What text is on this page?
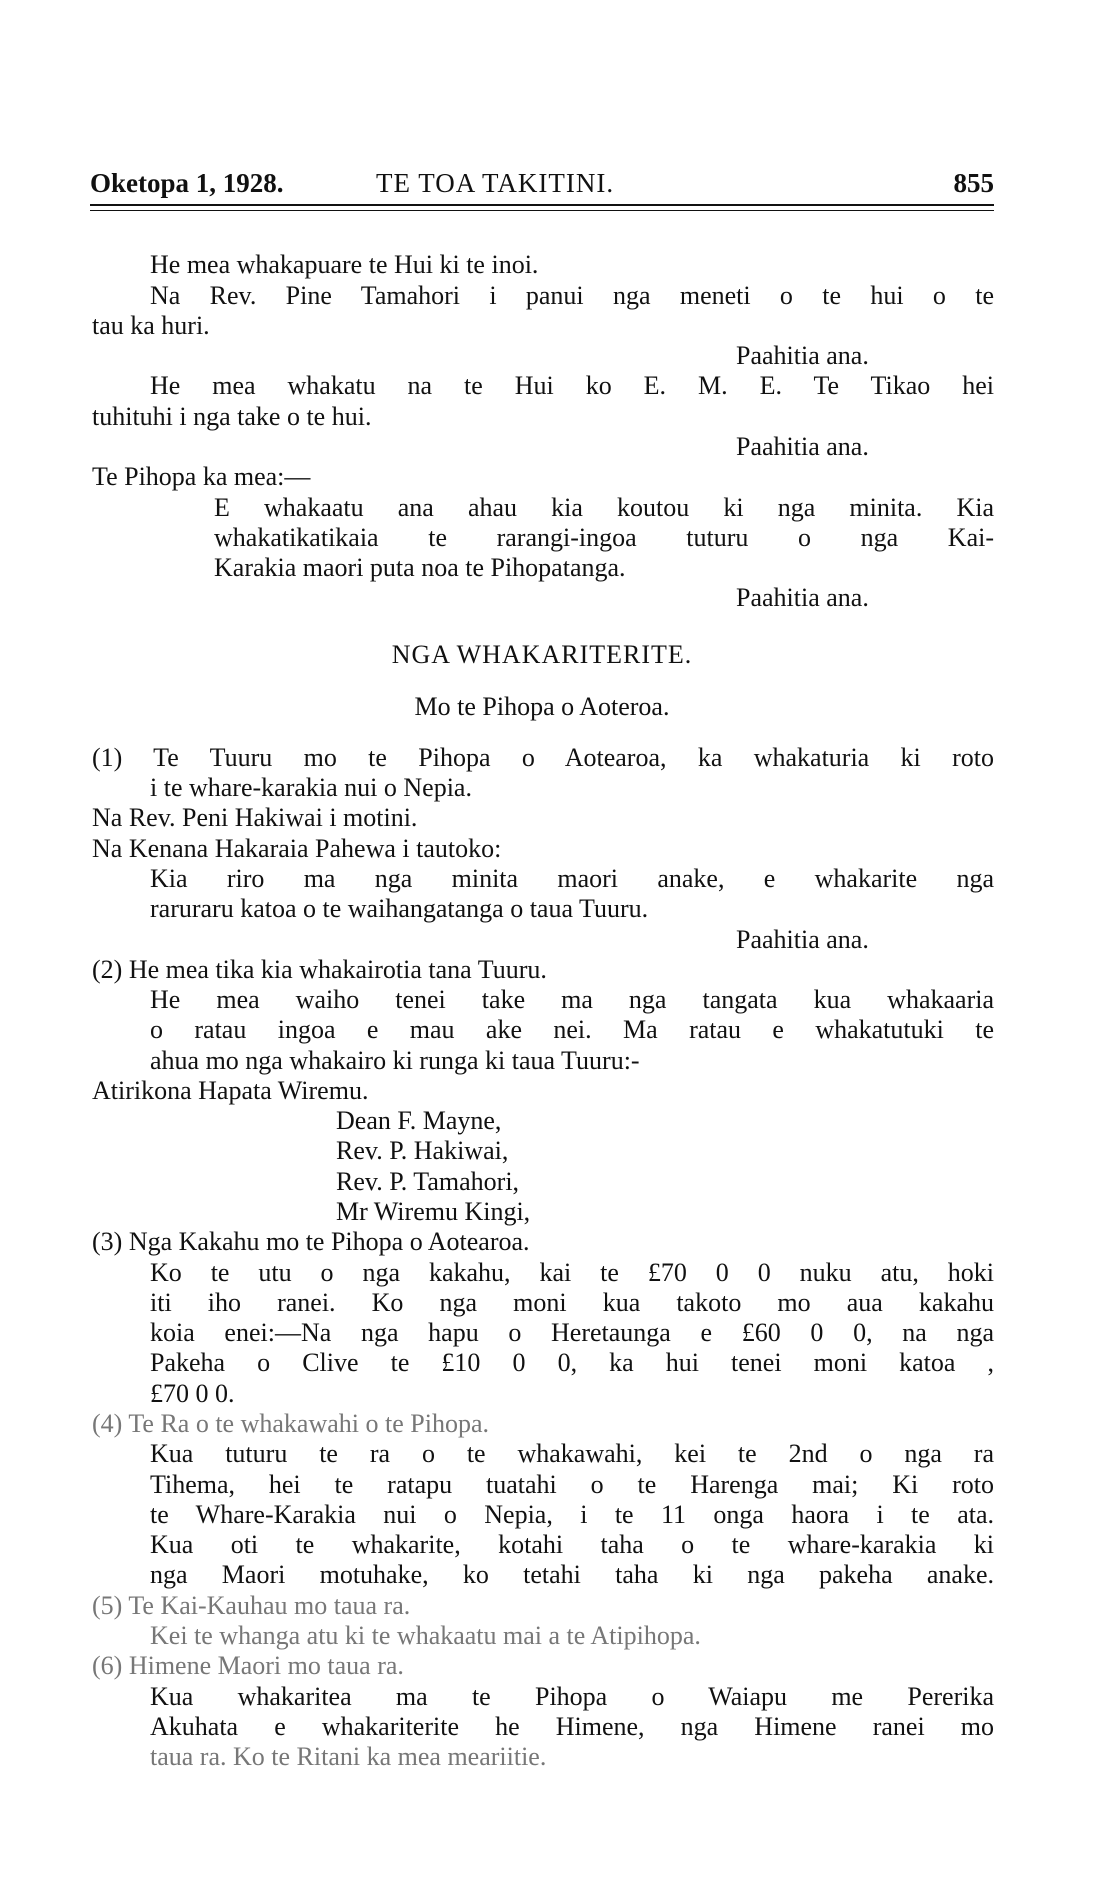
Oketopa 1, 1928.	TE TOA TAKITINI.	855
He mea whakapuare te Hui ki te inoi.
Na Rev. Pine Tamahori i panui nga meneti o te hui o te
tau ka huri.
Paahitia ana.
He mea whakatu na te Hui ko E. M. E. Te Tikao hei
tuhituhi i nga take o te hui.
Paahitia ana.
Te Pihopa ka mea:—
E whakaatu ana ahau kia koutou ki nga minita. Kia
whakatikatikaia te rarangi-ingoa tuturu o nga Kai-
Karakia maori puta noa te Pihopatanga.
Paahitia ana.
NGA WHAKARITERITE.
Mo te Pihopa o Aoteroa.
(1) Te Tuuru mo te Pihopa o Aotearoa, ka whakaturia ki roto
i te whare-karakia nui o Nepia.
Na Rev. Peni Hakiwai i motini.
Na Kenana Hakaraia Pahewa i tautoko:
Kia riro ma nga minita maori anake, e whakarite nga
raruraru katoa o te waihangatanga o taua Tuuru.
Paahitia ana.
(2) He mea tika kia whakairotia tana Tuuru.
He mea waiho tenei take ma nga tangata kua whakaaria
o ratau ingoa e mau ake nei. Ma ratau e whakatutuki te
ahua mo nga whakairo ki runga ki taua Tuuru:-
Atirikona Hapata Wiremu.
Dean F. Mayne,
Rev. P. Hakiwai,
Rev. P. Tamahori,
Mr Wiremu Kingi,
(3) Nga Kakahu mo te Pihopa o Aotearoa.
Ko te utu o nga kakahu, kai te £70 0 0 nuku atu, hoki
iti iho ranei. Ko nga moni kua takoto mo aua kakahu
koia enei:—Na nga hapu o Heretaunga e £60 0 0, na nga
Pakeha o Clive te £10 0 0, ka hui tenei moni katoa ,
£70 0 0.
(4) Te Ra o te whakawahi o te Pihopa.
Kua tuturu te ra o te whakawahi, kei te 2nd o nga ra
Tihema, hei te ratapu tuatahi o te Harenga mai; Ki roto
te Whare-Karakia nui o Nepia, i te 11 onga haora i te ata.
Kua oti te whakarite, kotahi taha o te whare-karakia ki
nga Maori motuhake, ko tetahi taha ki nga pakeha anake.
(5) Te Kai-Kauhau mo taua ra.
Kei te whanga atu ki te whakaatu mai a te Atipihopa.
(6) Himene Maori mo taua ra.
Kua whakaritea ma te Pihopa o Waiapu me Pererika
Akuhata e whakariterite he Himene, nga Himene ranei mo
taua ra. Ko te Ritani ka mea meariitie.
